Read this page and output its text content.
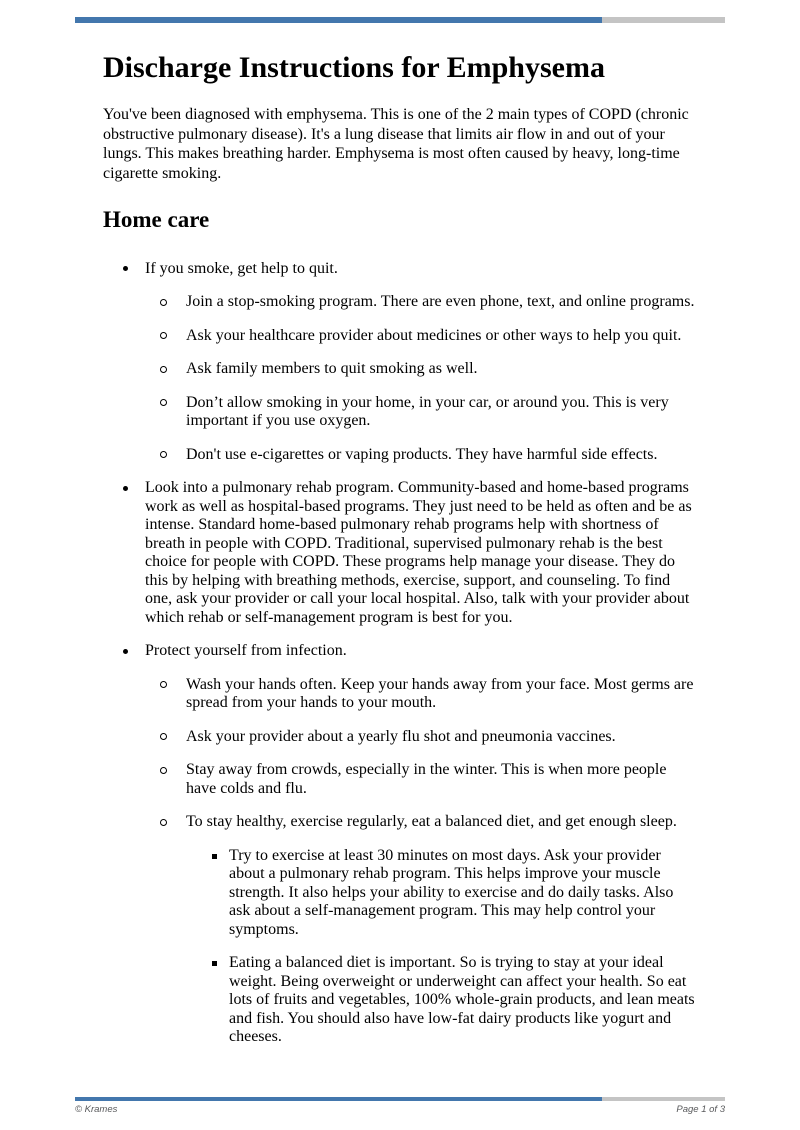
Discharge Instructions for Emphysema

You've been diagnosed with emphysema. This is one of the 2 main types of COPD (chronic obstructive pulmonary disease). It's a lung disease that limits air flow in and out of your lungs. This makes breathing harder. Emphysema is most often caused by heavy, long-time cigarette smoking.

Home care
If you smoke, get help to quit.
Join a stop-smoking program. There are even phone, text, and online programs.
Ask your healthcare provider about medicines or other ways to help you quit.
Ask family members to quit smoking as well.
Don’t allow smoking in your home, in your car, or around you. This is very important if you use oxygen.
Don't use e-cigarettes or vaping products. They have harmful side effects.
Look into a pulmonary rehab program. Community-based and home-based programs work as well as hospital-based programs. They just need to be held as often and be as intense. Standard home-based pulmonary rehab programs help with shortness of breath in people with COPD. Traditional, supervised pulmonary rehab is the best choice for people with COPD. These programs help manage your disease. They do this by helping with breathing methods, exercise, support, and counseling. To find one, ask your provider or call your local hospital. Also, talk with your provider about which rehab or self-management program is best for you.
Protect yourself from infection.
Wash your hands often. Keep your hands away from your face. Most germs are spread from your hands to your mouth.
Ask your provider about a yearly flu shot and pneumonia vaccines.
Stay away from crowds, especially in the winter. This is when more people have colds and flu.
To stay healthy, exercise regularly, eat a balanced diet, and get enough sleep.
Try to exercise at least 30 minutes on most days. Ask your provider about a pulmonary rehab program. This helps improve your muscle strength. It also helps your ability to exercise and do daily tasks. Also ask about a self-management program. This may help control your symptoms.
Eating a balanced diet is important. So is trying to stay at your ideal weight. Being overweight or underweight can affect your health. So eat lots of fruits and vegetables, 100% whole-grain products, and lean meats and fish. You should also have low-fat dairy products like yogurt and cheeses.
© Krames	Page 1 of 3
